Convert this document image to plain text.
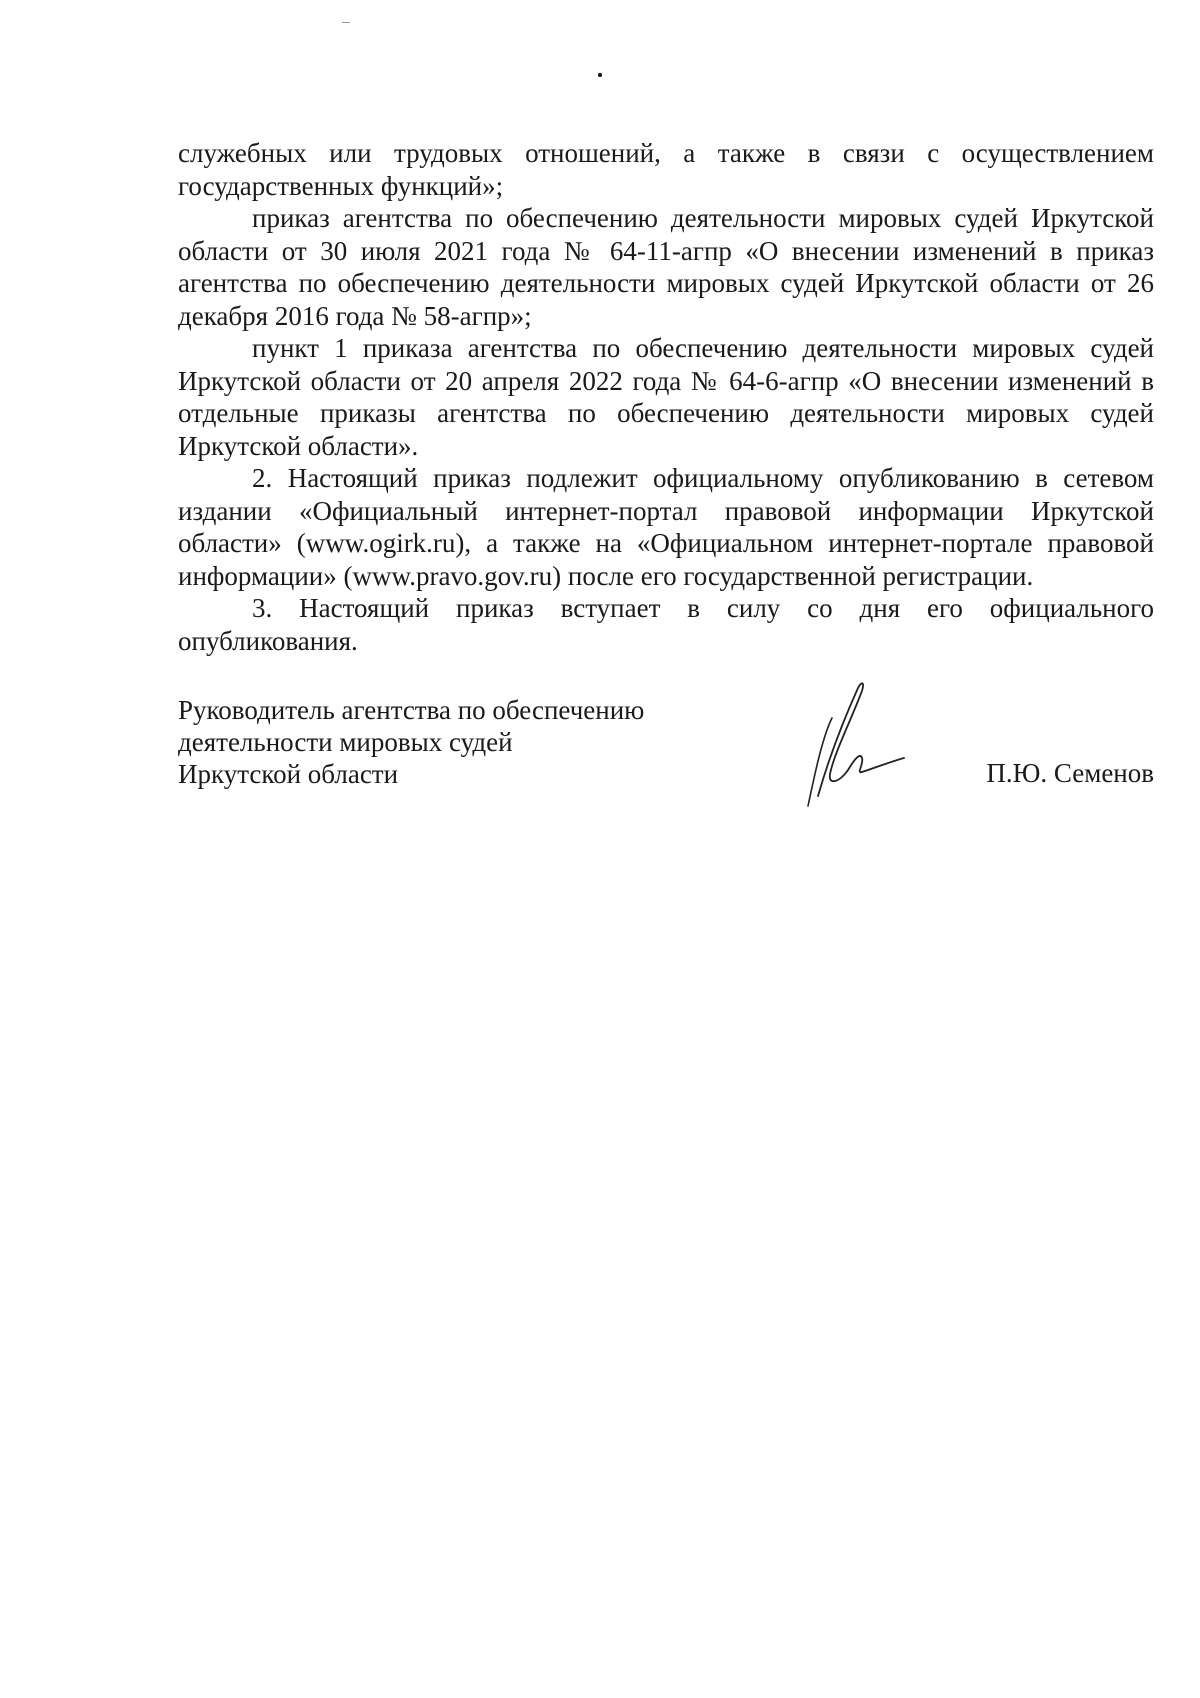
служебных или трудовых отношений, а также в связи с осуществлением государственных функций»;

приказ агентства по обеспечению деятельности мировых судей Иркутской области от 30 июля 2021 года № 64-11-агпр «О внесении изменений в приказ агентства по обеспечению деятельности мировых судей Иркутской области от 26 декабря 2016 года № 58-агпр»;

пункт 1 приказа агентства по обеспечению деятельности мировых судей Иркутской области от 20 апреля 2022 года № 64-6-агпр «О внесении изменений в отдельные приказы агентства по обеспечению деятельности мировых судей Иркутской области».

2. Настоящий приказ подлежит официальному опубликованию в сетевом издании «Официальный интернет-портал правовой информации Иркутской области» (www.ogirk.ru), а также на «Официальном интернет-портале правовой информации» (www.pravo.gov.ru) после его государственной регистрации.

3. Настоящий приказ вступает в силу со дня его официального опубликования.

Руководитель агентства по обеспечению
деятельности мировых судей
Иркутской области	П.Ю. Семенов
